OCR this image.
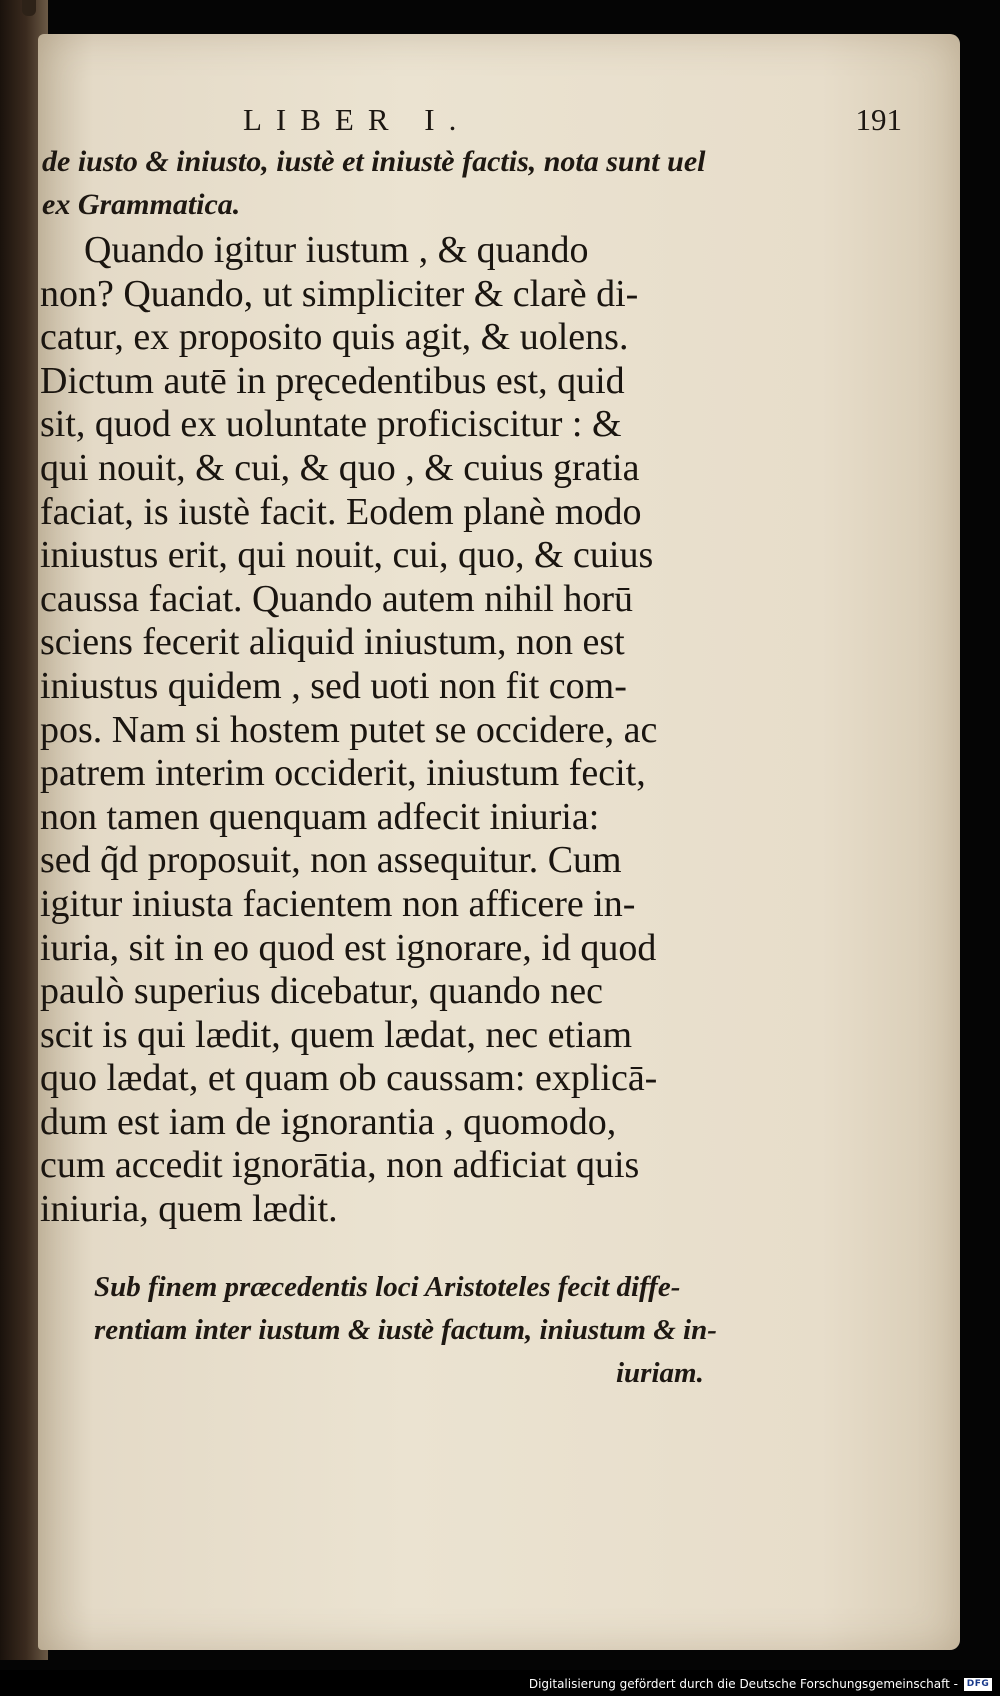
LIBER I.	191
de iusto & iniusto, iustè et iniustè factis, nota sunt uel
ex Grammatica.
Quando igitur iustum , & quando
non? Quando, ut simpliciter & clarè di-
catur, ex proposito quis agit, & uolens.
Dictum autē in pręcedentibus est, quid
sit, quod ex uoluntate proficiscitur : &
qui nouit, & cui, & quo , & cuius gratia
faciat, is iustè facit. Eodem planè modo
iniustus erit, qui nouit, cui, quo, & cuius
caussa faciat. Quando autem nihil horū
sciens fecerit aliquid iniustum, non est
iniustus quidem , sed uoti non fit com-
pos. Nam si hostem putet se occidere, ac
patrem interim occiderit, iniustum fecit,
non tamen quenquam adfecit iniuria:
sed q̃d proposuit, non assequitur. Cum
igitur iniusta facientem non afficere in-
iuria, sit in eo quod est ignorare, id quod
paulò superius dicebatur, quando nec
scit is qui lædit, quem lædat, nec etiam
quo lædat, et quam ob caussam: explicā-
dum est iam de ignorantia , quomodo,
cum accedit ignorātia, non adficiat quis
iniuria, quem lædit.
Sub finem præcedentis loci Aristoteles fecit diffe-
rentiam inter iustum & iustè factum, iniustum & in-
iuriam.
Digitalisierung gefördert durch die Deutsche Forschungsgemeinschaft - DFG
